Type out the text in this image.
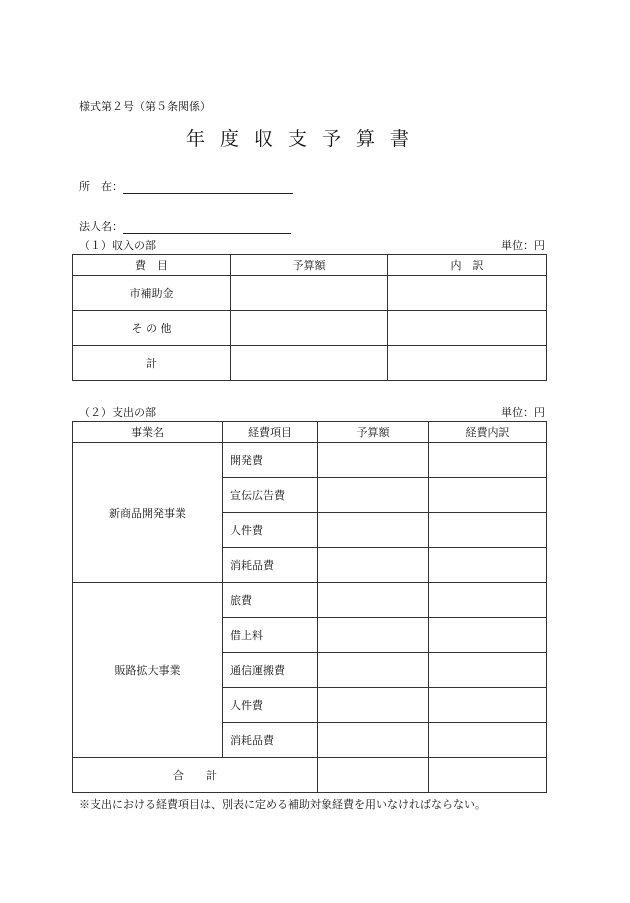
様式第２号（第５条関係）
年度収支予算書
所　在：
法人名：
（１）収入の部	単位：円
費　目	予算額	内　訳
市補助金		
そ の 他		
計		
（２）支出の部	単位：円
事業名	経費項目	予算額	経費内訳
新商品開発事業	開発費		
	宣伝広告費		
	人件費		
	消耗品費		
販路拡大事業	旅費		
	借上料		
	通信運搬費		
	人件費		
	消耗品費		
合　　計			
※支出における経費項目は、別表に定める補助対象経費を用いなければならない。
